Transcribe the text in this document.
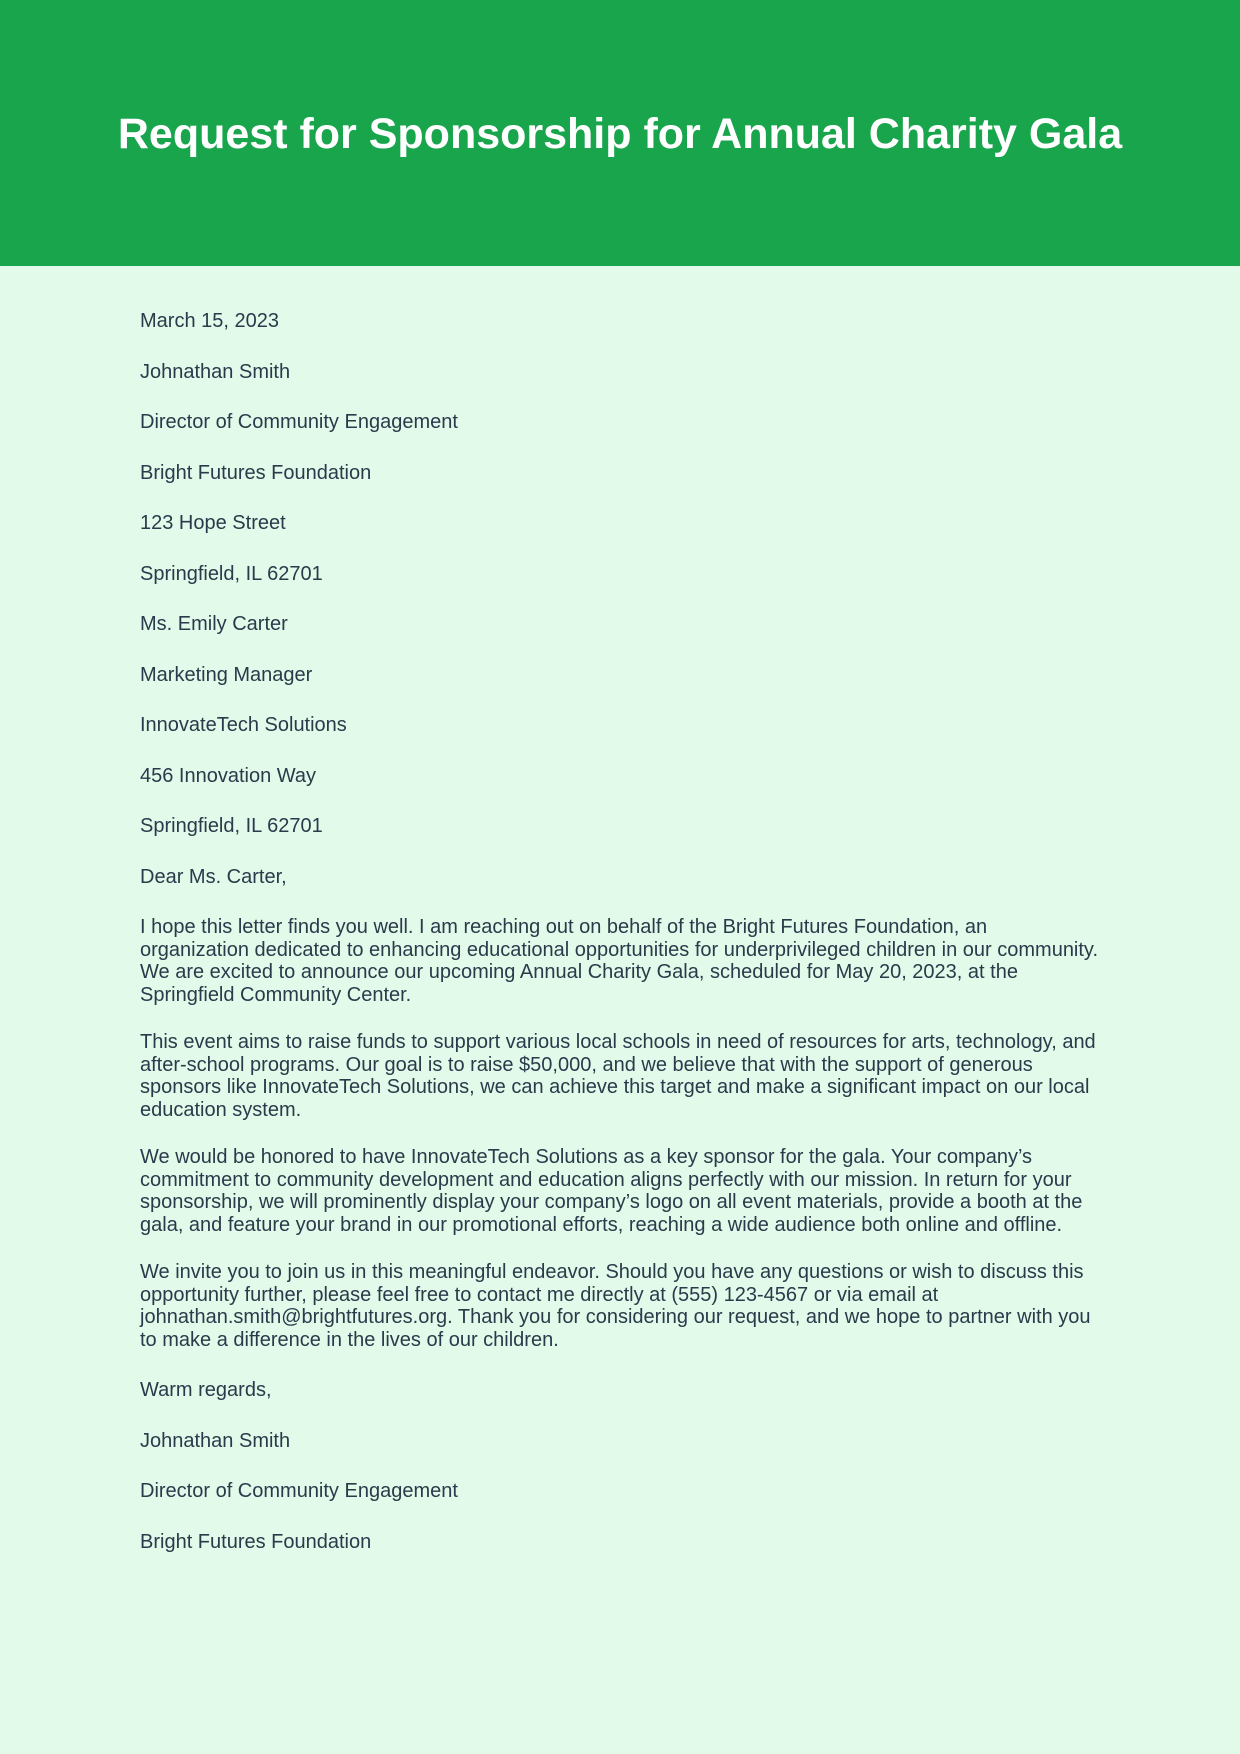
Request for Sponsorship for Annual Charity Gala

March 15, 2023

Johnathan Smith

Director of Community Engagement

Bright Futures Foundation

123 Hope Street

Springfield, IL 62701

Ms. Emily Carter

Marketing Manager

InnovateTech Solutions

456 Innovation Way

Springfield, IL 62701

Dear Ms. Carter,

I hope this letter finds you well. I am reaching out on behalf of the Bright Futures Foundation, an organization dedicated to enhancing educational opportunities for underprivileged children in our community. We are excited to announce our upcoming Annual Charity Gala, scheduled for May 20, 2023, at the Springfield Community Center.

This event aims to raise funds to support various local schools in need of resources for arts, technology, and after-school programs. Our goal is to raise $50,000, and we believe that with the support of generous sponsors like InnovateTech Solutions, we can achieve this target and make a significant impact on our local education system.

We would be honored to have InnovateTech Solutions as a key sponsor for the gala. Your company’s commitment to community development and education aligns perfectly with our mission. In return for your sponsorship, we will prominently display your company’s logo on all event materials, provide a booth at the gala, and feature your brand in our promotional efforts, reaching a wide audience both online and offline.

We invite you to join us in this meaningful endeavor. Should you have any questions or wish to discuss this opportunity further, please feel free to contact me directly at (555) 123-4567 or via email at johnathan.smith@brightfutures.org. Thank you for considering our request, and we hope to partner with you to make a difference in the lives of our children.

Warm regards,

Johnathan Smith

Director of Community Engagement

Bright Futures Foundation
